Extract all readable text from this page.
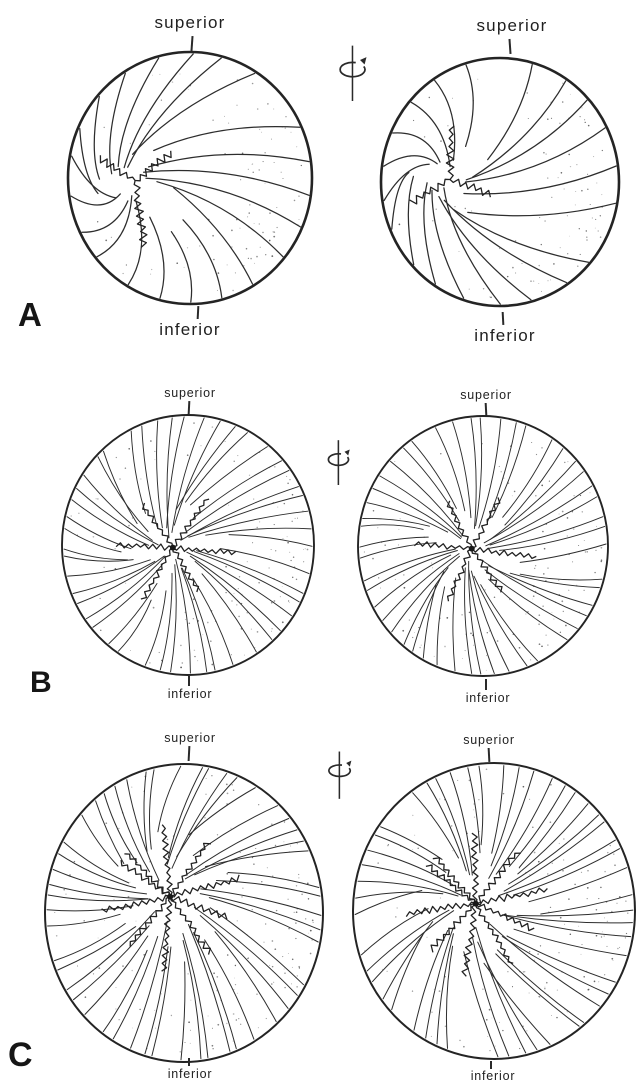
superior	superior
inferior	inferior
A
superior	superior
inferior	inferior
B
superior	superior
inferior	inferior
C
